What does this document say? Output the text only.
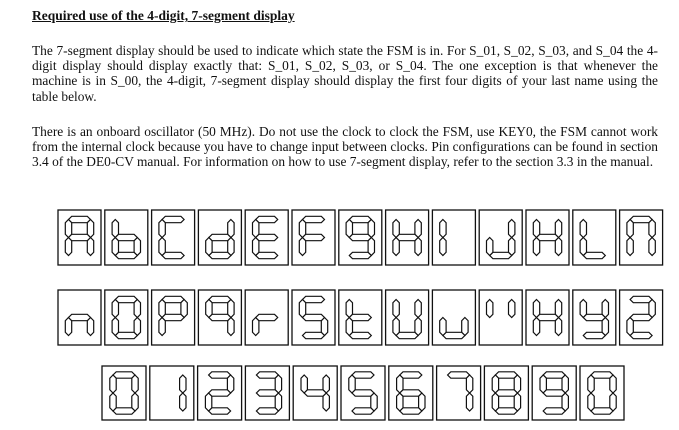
Required use of the 4-digit, 7-segment display

The 7-segment display should be used to indicate which state the FSM is in. For S_01, S_02, S_03, and S_04 the 4-digit display should display exactly that: S_01, S_02, S_03, or S_04. The one exception is that whenever the machine is in S_00, the 4-digit, 7-segment display should display the first four digits of your last name using the table below.

There is an onboard oscillator (50 MHz). Do not use the clock to clock the FSM, use KEY0, the FSM cannot work from the internal clock because you have to change input between clocks. Pin configurations can be found in section 3.4 of the DE0-CV manual. For information on how to use 7-segment display, refer to the section 3.3 in the manual.
